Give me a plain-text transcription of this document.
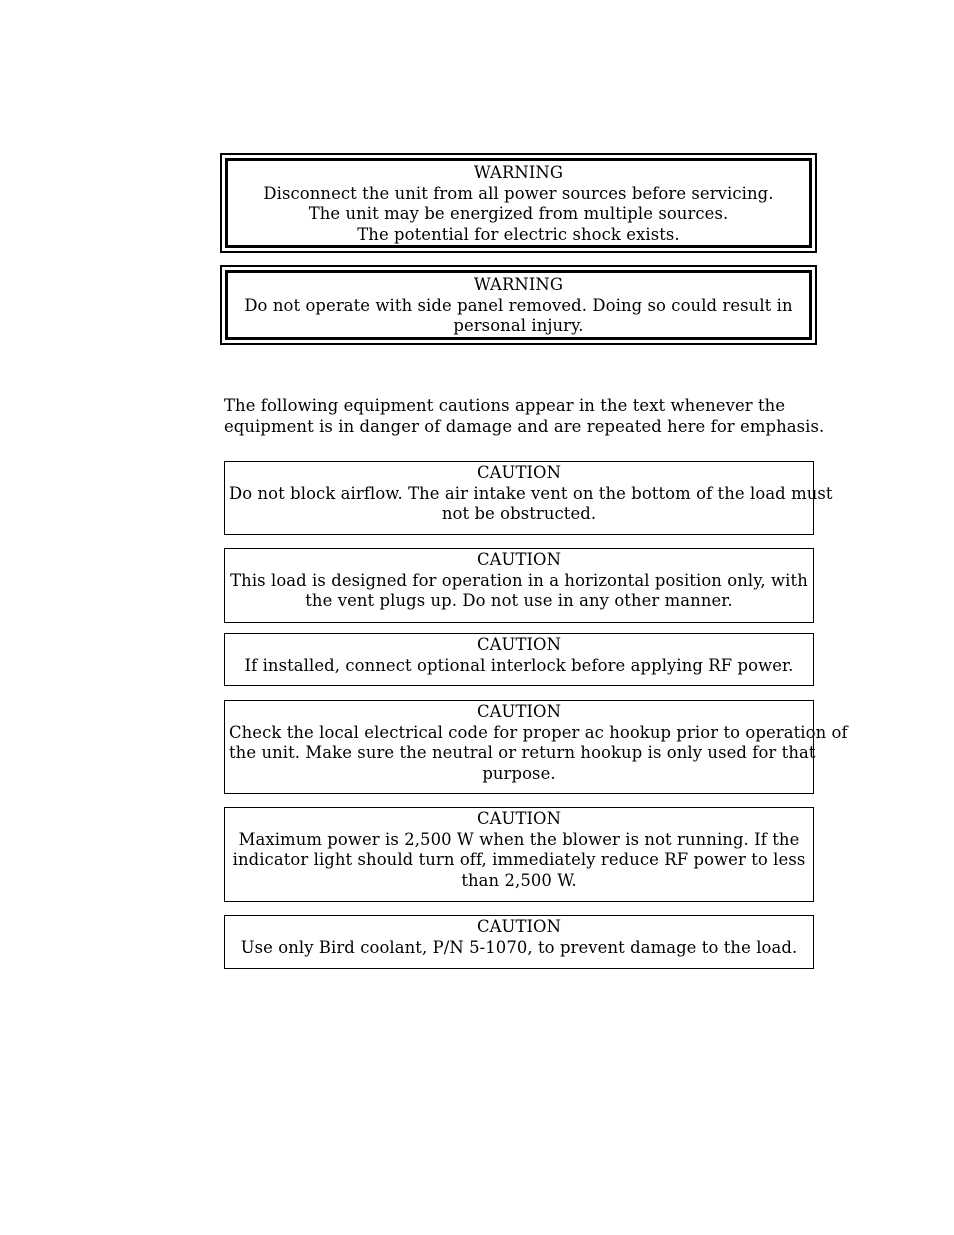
WARNING
Disconnect the unit from all power sources before servicing.
The unit may be energized from multiple sources.
The potential for electric shock exists.
WARNING
Do not operate with side panel removed. Doing so could result in
personal injury.
The following equipment cautions appear in the text whenever the
equipment is in danger of damage and are repeated here for emphasis.
CAUTION
Do not block airflow. The air intake vent on the bottom of the load must
not be obstructed.
CAUTION
This load is designed for operation in a horizontal position only, with
the vent plugs up. Do not use in any other manner.
CAUTION
If installed, connect optional interlock before applying RF power.
CAUTION
Check the local electrical code for proper ac hookup prior to operation of
the unit. Make sure the neutral or return hookup is only used for that
purpose.
CAUTION
Maximum power is 2,500 W when the blower is not running. If the
indicator light should turn off, immediately reduce RF power to less
than 2,500 W.
CAUTION
Use only Bird coolant, P/N 5-1070, to prevent damage to the load.
